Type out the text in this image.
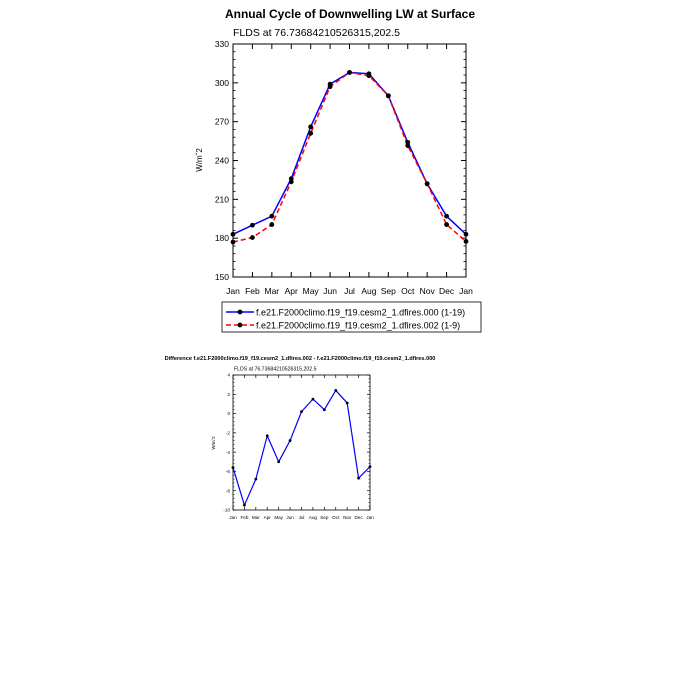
Annual Cycle of Downwelling LW at Surface
FLDS at 76.73684210526315,202.5
W/mˆ2
150
180
210
240
270
300
330
Jan Feb Mar Apr May Jun Jul Aug Sep Oct Nov Dec Jan
f.e21.F2000climo.f19_f19.cesm2_1.dfires.000 (1-19)
f.e21.F2000climo.f19_f19.cesm2_1.dfires.002 (1-9)
Difference f.e21.F2000climo.f19_f19.cesm2_1.dfires.002 - f.e21.F2000climo.f19_f19.cesm2_1.dfires.000
FLDS at 76.73684210526315,202.5
W/mˆ2
-10
-8
-6
-4
-2
0
2
4
Jan Feb Mar Apr May Jun Jul Aug Sep Oct Nov Dec Jan
